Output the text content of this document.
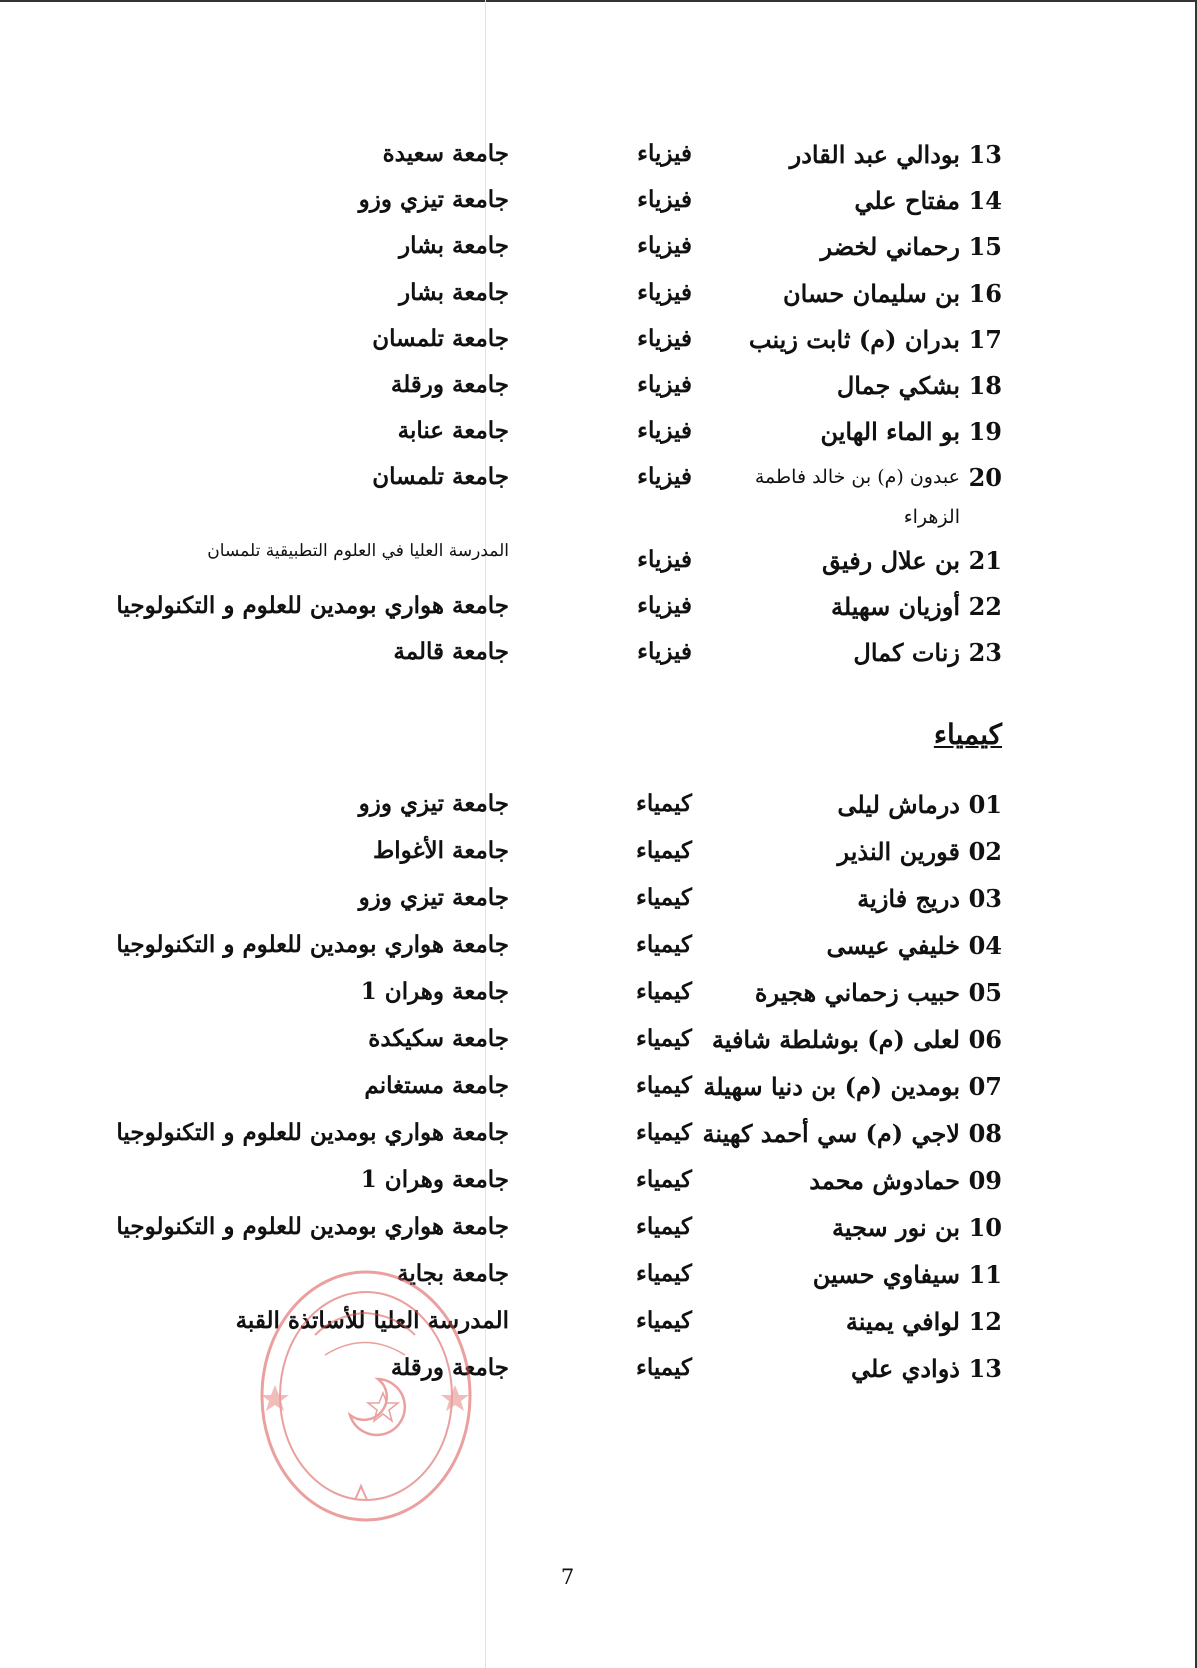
13
بودالي عبد القادر
فيزياء
جامعة سعيدة
14
مفتاح علي
فيزياء
جامعة تيزي وزو
15
رحماني لخضر
فيزياء
جامعة بشار
16
بن سليمان حسان
فيزياء
جامعة بشار
17
بدران (م) ثابت زينب
فيزياء
جامعة تلمسان
18
بشكي جمال
فيزياء
جامعة ورقلة
19
بو الماء الهاين
فيزياء
جامعة عنابة
20
عبدون (م) بن خالد فاطمة الزهراء
فيزياء
جامعة تلمسان
21
بن علال رفيق
فيزياء
المدرسة العليا في العلوم التطبيقية تلمسان
22
أوزيان سهيلة
فيزياء
جامعة هواري بومدين للعلوم و التكنولوجيا
23
زنات كمال
فيزياء
جامعة قالمة
كيمياء
01
درماش ليلى
كيمياء
جامعة تيزي وزو
02
قورين النذير
كيمياء
جامعة الأغواط
03
دريج فازية
كيمياء
جامعة تيزي وزو
04
خليفي عيسى
كيمياء
جامعة هواري بومدين للعلوم و التكنولوجيا
05
حبيب زحماني هجيرة
كيمياء
جامعة وهران 1
06
لعلى (م) بوشلطة شافية
كيمياء
جامعة سكيكدة
07
بومدين (م) بن دنيا سهيلة
كيمياء
جامعة مستغانم
08
لاجي (م) سي أحمد كهينة
كيمياء
جامعة هواري بومدين للعلوم و التكنولوجيا
09
حمادوش محمد
كيمياء
جامعة وهران 1
10
بن نور سجية
كيمياء
جامعة هواري بومدين للعلوم و التكنولوجيا
11
سيفاوي حسين
كيمياء
جامعة بجاية
12
لوافي يمينة
كيمياء
المدرسة العليا للأساتذة القبة
13
ذوادي علي
كيمياء
جامعة ورقلة
7
